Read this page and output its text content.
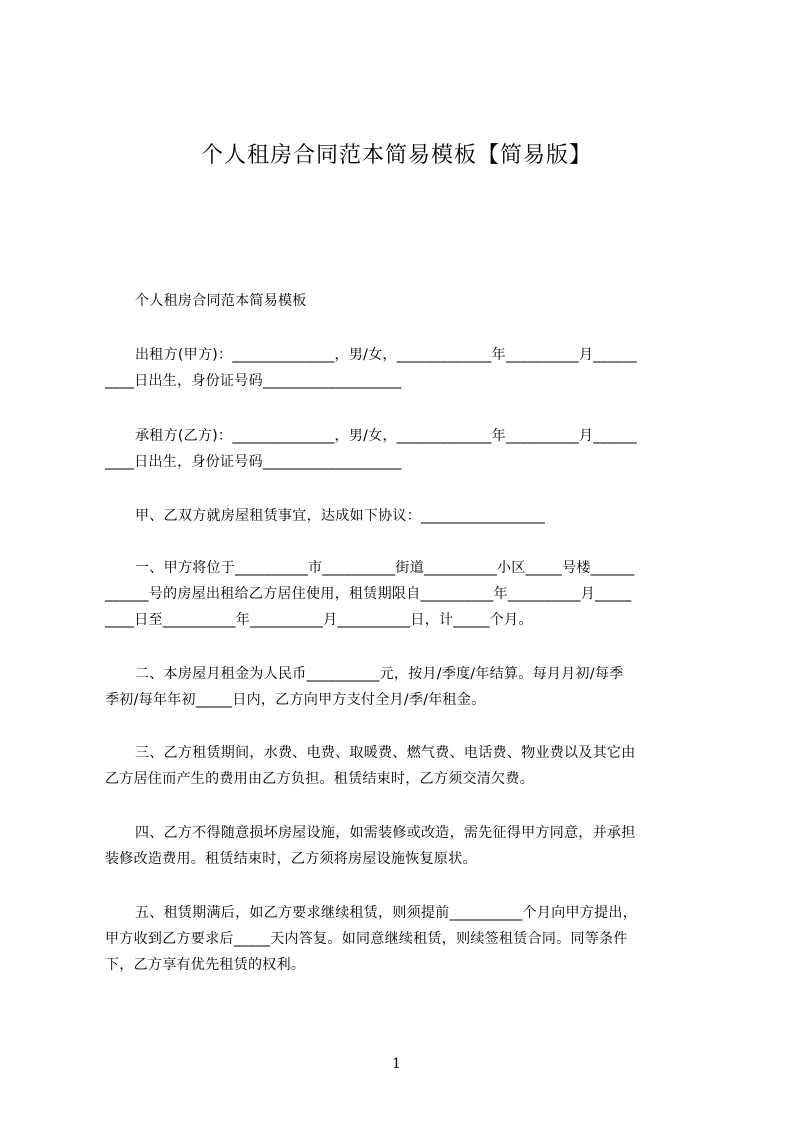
个人租房合同范本简易模板【简易版】
个人租房合同范本简易模板
出租方(甲方)：______________，男/女，_____________年__________月______
____日出生，身份证号码___________________
承租方(乙方)：______________，男/女，_____________年__________月______
____日出生，身份证号码___________________
甲、乙双方就房屋租赁事宜，达成如下协议：_________________
一、甲方将位于__________市__________街道__________小区_____号楼______
______号的房屋出租给乙方居住使用，租赁期限自__________年__________月_____
____日至__________年__________月__________日，计_____个月。
二、本房屋月租金为人民币__________元，按月/季度/年结算。每月月初/每季
季初/每年年初_____日内，乙方向甲方支付全月/季/年租金。
三、乙方租赁期间，水费、电费、取暖费、燃气费、电话费、物业费以及其它由
乙方居住而产生的费用由乙方负担。租赁结束时，乙方须交清欠费。
四、乙方不得随意损坏房屋设施，如需装修或改造，需先征得甲方同意，并承担
装修改造费用。租赁结束时，乙方须将房屋设施恢复原状。
五、租赁期满后，如乙方要求继续租赁，则须提前__________个月向甲方提出，
甲方收到乙方要求后_____天内答复。如同意继续租赁，则续签租赁合同。同等条件
下，乙方享有优先租赁的权利。
1
